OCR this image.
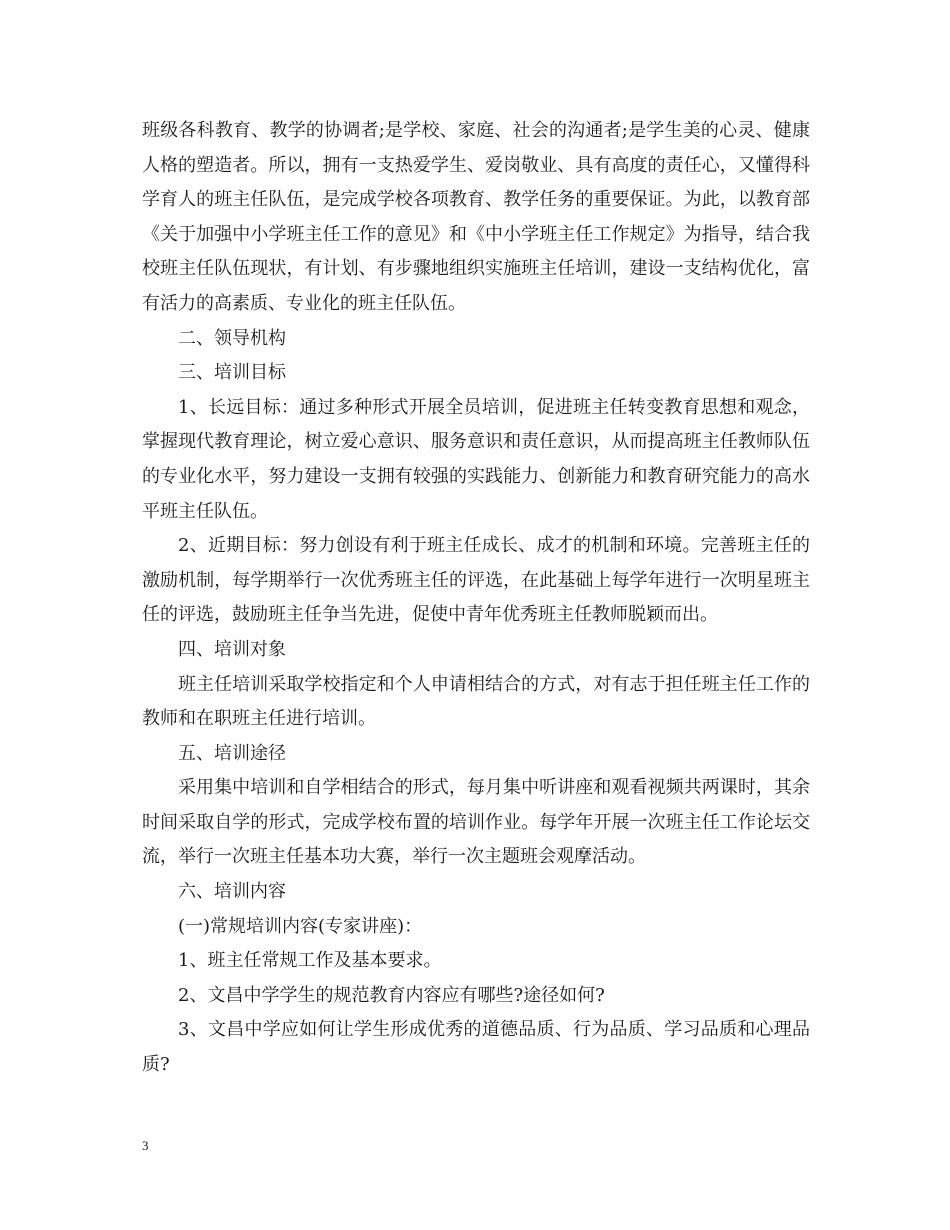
班级各科教育、教学的协调者;是学校、家庭、社会的沟通者;是学生美的心灵、健康人格的塑造者。所以，拥有一支热爱学生、爱岗敬业、具有高度的责任心，又懂得科学育人的班主任队伍，是完成学校各项教育、教学任务的重要保证。为此，以教育部《关于加强中小学班主任工作的意见》和《中小学班主任工作规定》为指导，结合我校班主任队伍现状，有计划、有步骤地组织实施班主任培训，建设一支结构优化，富有活力的高素质、专业化的班主任队伍。

二、领导机构

三、培训目标

1、长远目标：通过多种形式开展全员培训，促进班主任转变教育思想和观念，掌握现代教育理论，树立爱心意识、服务意识和责任意识，从而提高班主任教师队伍的专业化水平，努力建设一支拥有较强的实践能力、创新能力和教育研究能力的高水平班主任队伍。

2、近期目标：努力创设有利于班主任成长、成才的机制和环境。完善班主任的激励机制，每学期举行一次优秀班主任的评选，在此基础上每学年进行一次明星班主任的评选，鼓励班主任争当先进，促使中青年优秀班主任教师脱颖而出。

四、培训对象

班主任培训采取学校指定和个人申请相结合的方式，对有志于担任班主任工作的教师和在职班主任进行培训。

五、培训途径

采用集中培训和自学相结合的形式，每月集中听讲座和观看视频共两课时，其余时间采取自学的形式，完成学校布置的培训作业。每学年开展一次班主任工作论坛交流，举行一次班主任基本功大赛，举行一次主题班会观摩活动。

六、培训内容

(一)常规培训内容(专家讲座)：

1、班主任常规工作及基本要求。

2、文昌中学学生的规范教育内容应有哪些?途径如何?

3、文昌中学应如何让学生形成优秀的道德品质、行为品质、学习品质和心理品质?

3
